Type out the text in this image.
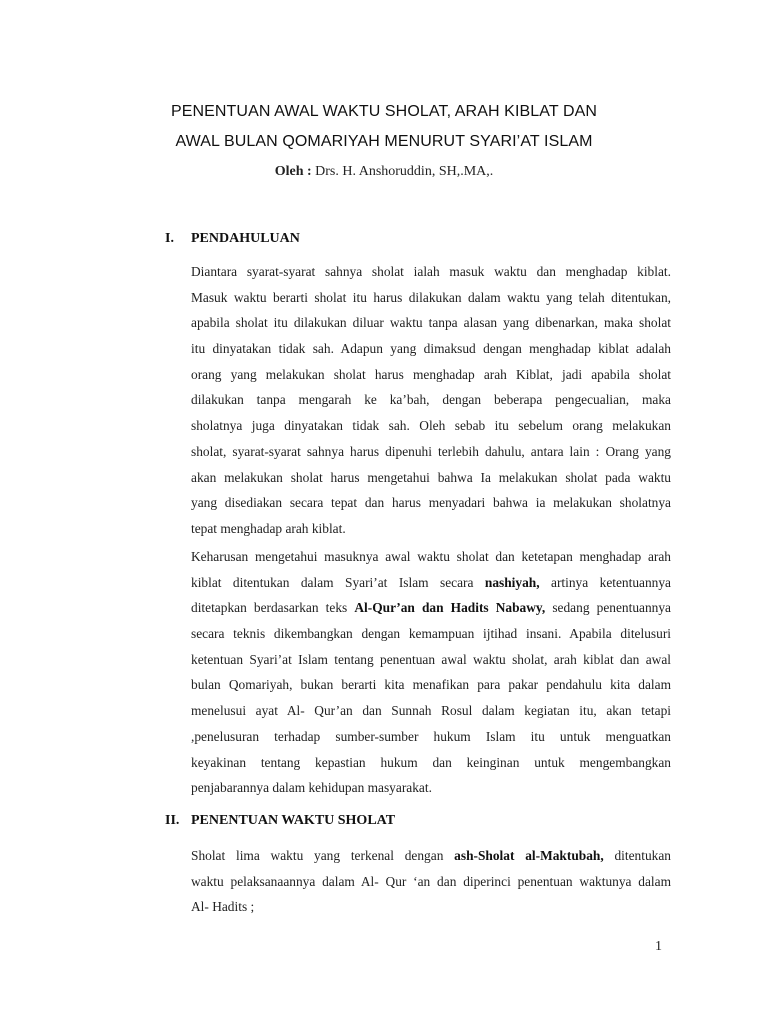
PENENTUAN AWAL WAKTU SHOLAT, ARAH KIBLAT DAN
AWAL BULAN QOMARIYAH MENURUT SYARI’AT ISLAM
Oleh : Drs. H. Anshoruddin, SH,.MA,.
I. PENDAHULUAN
Diantara syarat-syarat sahnya sholat ialah masuk waktu dan menghadap kiblat.
Masuk waktu berarti sholat itu harus dilakukan dalam waktu yang telah ditentukan,
apabila sholat itu dilakukan diluar waktu tanpa alasan yang dibenarkan, maka sholat
itu dinyatakan tidak sah. Adapun yang dimaksud dengan menghadap kiblat adalah
orang yang melakukan sholat harus menghadap arah Kiblat, jadi apabila sholat
dilakukan tanpa mengarah ke ka’bah, dengan beberapa pengecualian, maka
sholatnya juga dinyatakan tidak sah. Oleh sebab itu sebelum orang melakukan
sholat, syarat-syarat sahnya harus dipenuhi terlebih dahulu, antara lain : Orang yang
akan melakukan sholat harus mengetahui bahwa Ia melakukan sholat pada waktu
yang disediakan secara tepat dan harus menyadari bahwa ia melakukan sholatnya
tepat menghadap arah kiblat.
Keharusan mengetahui masuknya awal waktu sholat dan ketetapan menghadap arah
kiblat ditentukan dalam Syari’at Islam secara nashiyah, artinya ketentuannya
ditetapkan berdasarkan teks Al-Qur’an dan Hadits Nabawy, sedang penentuannya
secara teknis dikembangkan dengan kemampuan ijtihad insani. Apabila ditelusuri
ketentuan Syari’at Islam tentang penentuan awal waktu sholat, arah kiblat dan awal
bulan Qomariyah, bukan berarti kita menafikan para pakar pendahulu kita dalam
menelusui ayat Al- Qur’an dan Sunnah Rosul dalam kegiatan itu, akan tetapi
,penelusuran terhadap sumber-sumber hukum Islam itu untuk menguatkan
keyakinan tentang kepastian hukum dan keinginan untuk mengembangkan
penjabarannya dalam kehidupan masyarakat.
II. PENENTUAN WAKTU SHOLAT
Sholat lima waktu yang terkenal dengan ash-Sholat al-Maktubah, ditentukan
waktu pelaksanaannya dalam Al- Qur ‘an dan diperinci penentuan waktunya dalam
Al- Hadits ;
1
